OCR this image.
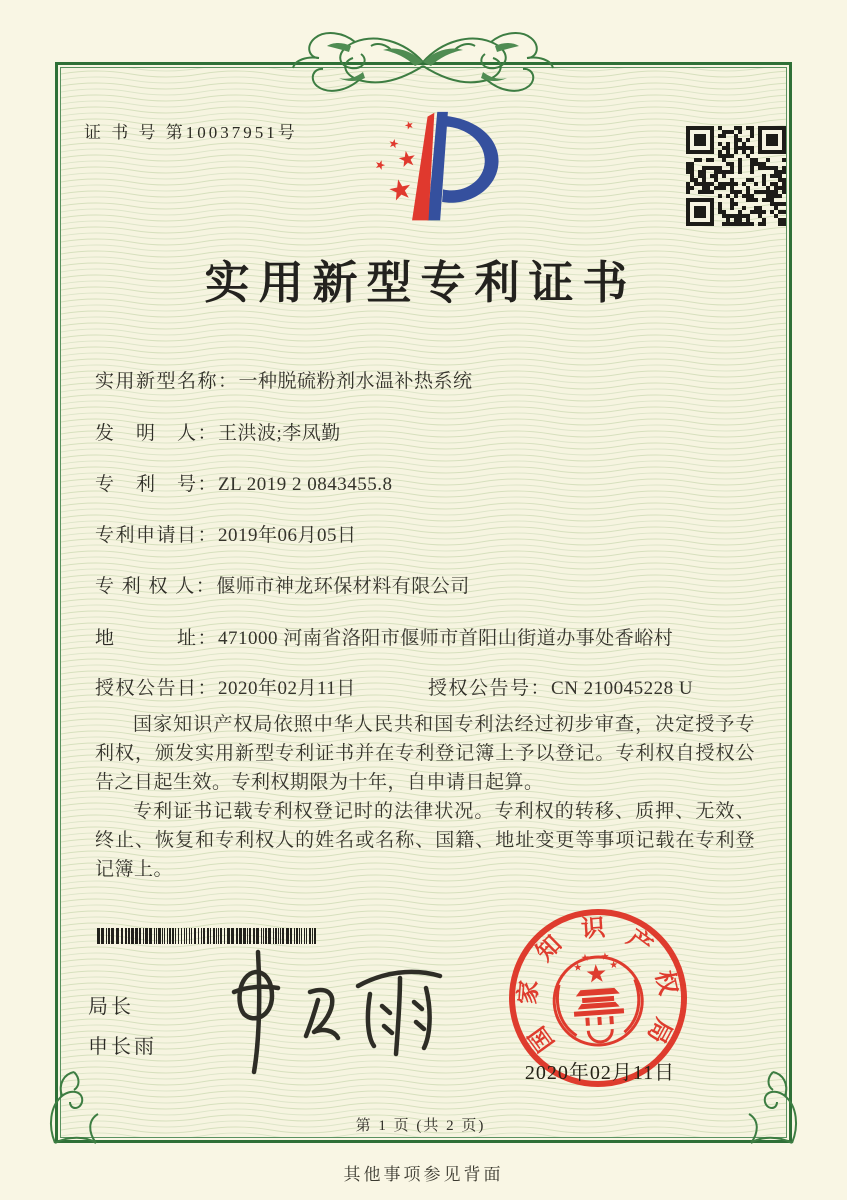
证 书 号 第10037951号
实用新型专利证书
实用新型名称：一种脱硫粉剂水温补热系统
发　明　人：王洪波;李凤勤
专　利　号：ZL 2019 2 0843455.8
专利申请日：2019年06月05日
专 利 权 人：偃师市神龙环保材料有限公司
地　　　址：471000 河南省洛阳市偃师市首阳山街道办事处香峪村
授权公告日：2020年02月11日	授权公告号：CN 210045228 U

国家知识产权局依照中华人民共和国专利法经过初步审查，决定授予专利权，颁发实用新型专利证书并在专利登记簿上予以登记。专利权自授权公告之日起生效。专利权期限为十年，自申请日起算。

专利证书记载专利权登记时的法律状况。专利权的转移、质押、无效、终止、恢复和专利权人的姓名或名称、国籍、地址变更等事项记载在专利登记簿上。

局长
申长雨	国
家
知
识 产
权
局
2020年02月11日
第 1 页 (共 2 页)
其他事项参见背面
